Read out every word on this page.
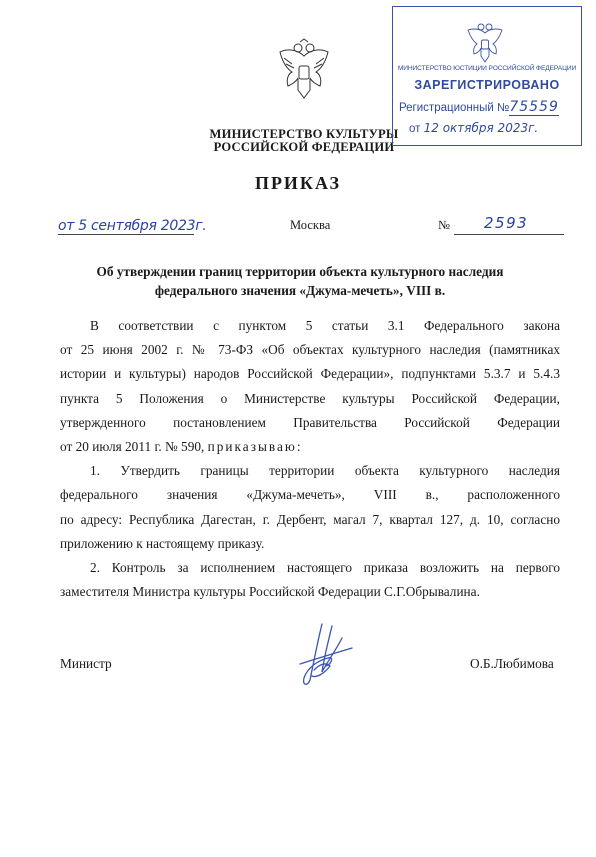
МИНИСТЕРСТВО КУЛЬТУРЫ
РОССИЙСКОЙ ФЕДЕРАЦИИ
МИНИСТЕРСТВО ЮСТИЦИИ РОССИЙСКОЙ ФЕДЕРАЦИИ
ЗАРЕГИСТРИРОВАНО
Регистрационный №75559
от 12 октября 2023г.
ПРИКАЗ
от 5 сентября 2023г.	Москва	№ 2593
Об утверждении границ территории объекта культурного наследия
федерального значения «Джума-мечеть», VIII в.

В соответствии с пунктом 5 статьи 3.1 Федерального закона

от 25 июня 2002 г. № 73-ФЗ «Об объектах культурного наследия (памятниках

истории и культуры) народов Российской Федерации», подпунктами 5.3.7 и 5.4.3

пункта 5 Положения о Министерстве культуры Российской Федерации,

утвержденного постановлением Правительства Российской Федерации

от 20 июля 2011 г. № 590, приказываю:

1. Утвердить границы территории объекта культурного наследия

федерального значения «Джума-мечеть», VIII в., расположенного

по адресу: Республика Дагестан, г. Дербент, магал 7, квартал 127, д. 10, согласно

приложению к настоящему приказу.

2. Контроль за исполнением настоящего приказа возложить на первого

заместителя Министра культуры Российской Федерации С.Г.Обрывалина.

Министр	О.Б.Любимова
